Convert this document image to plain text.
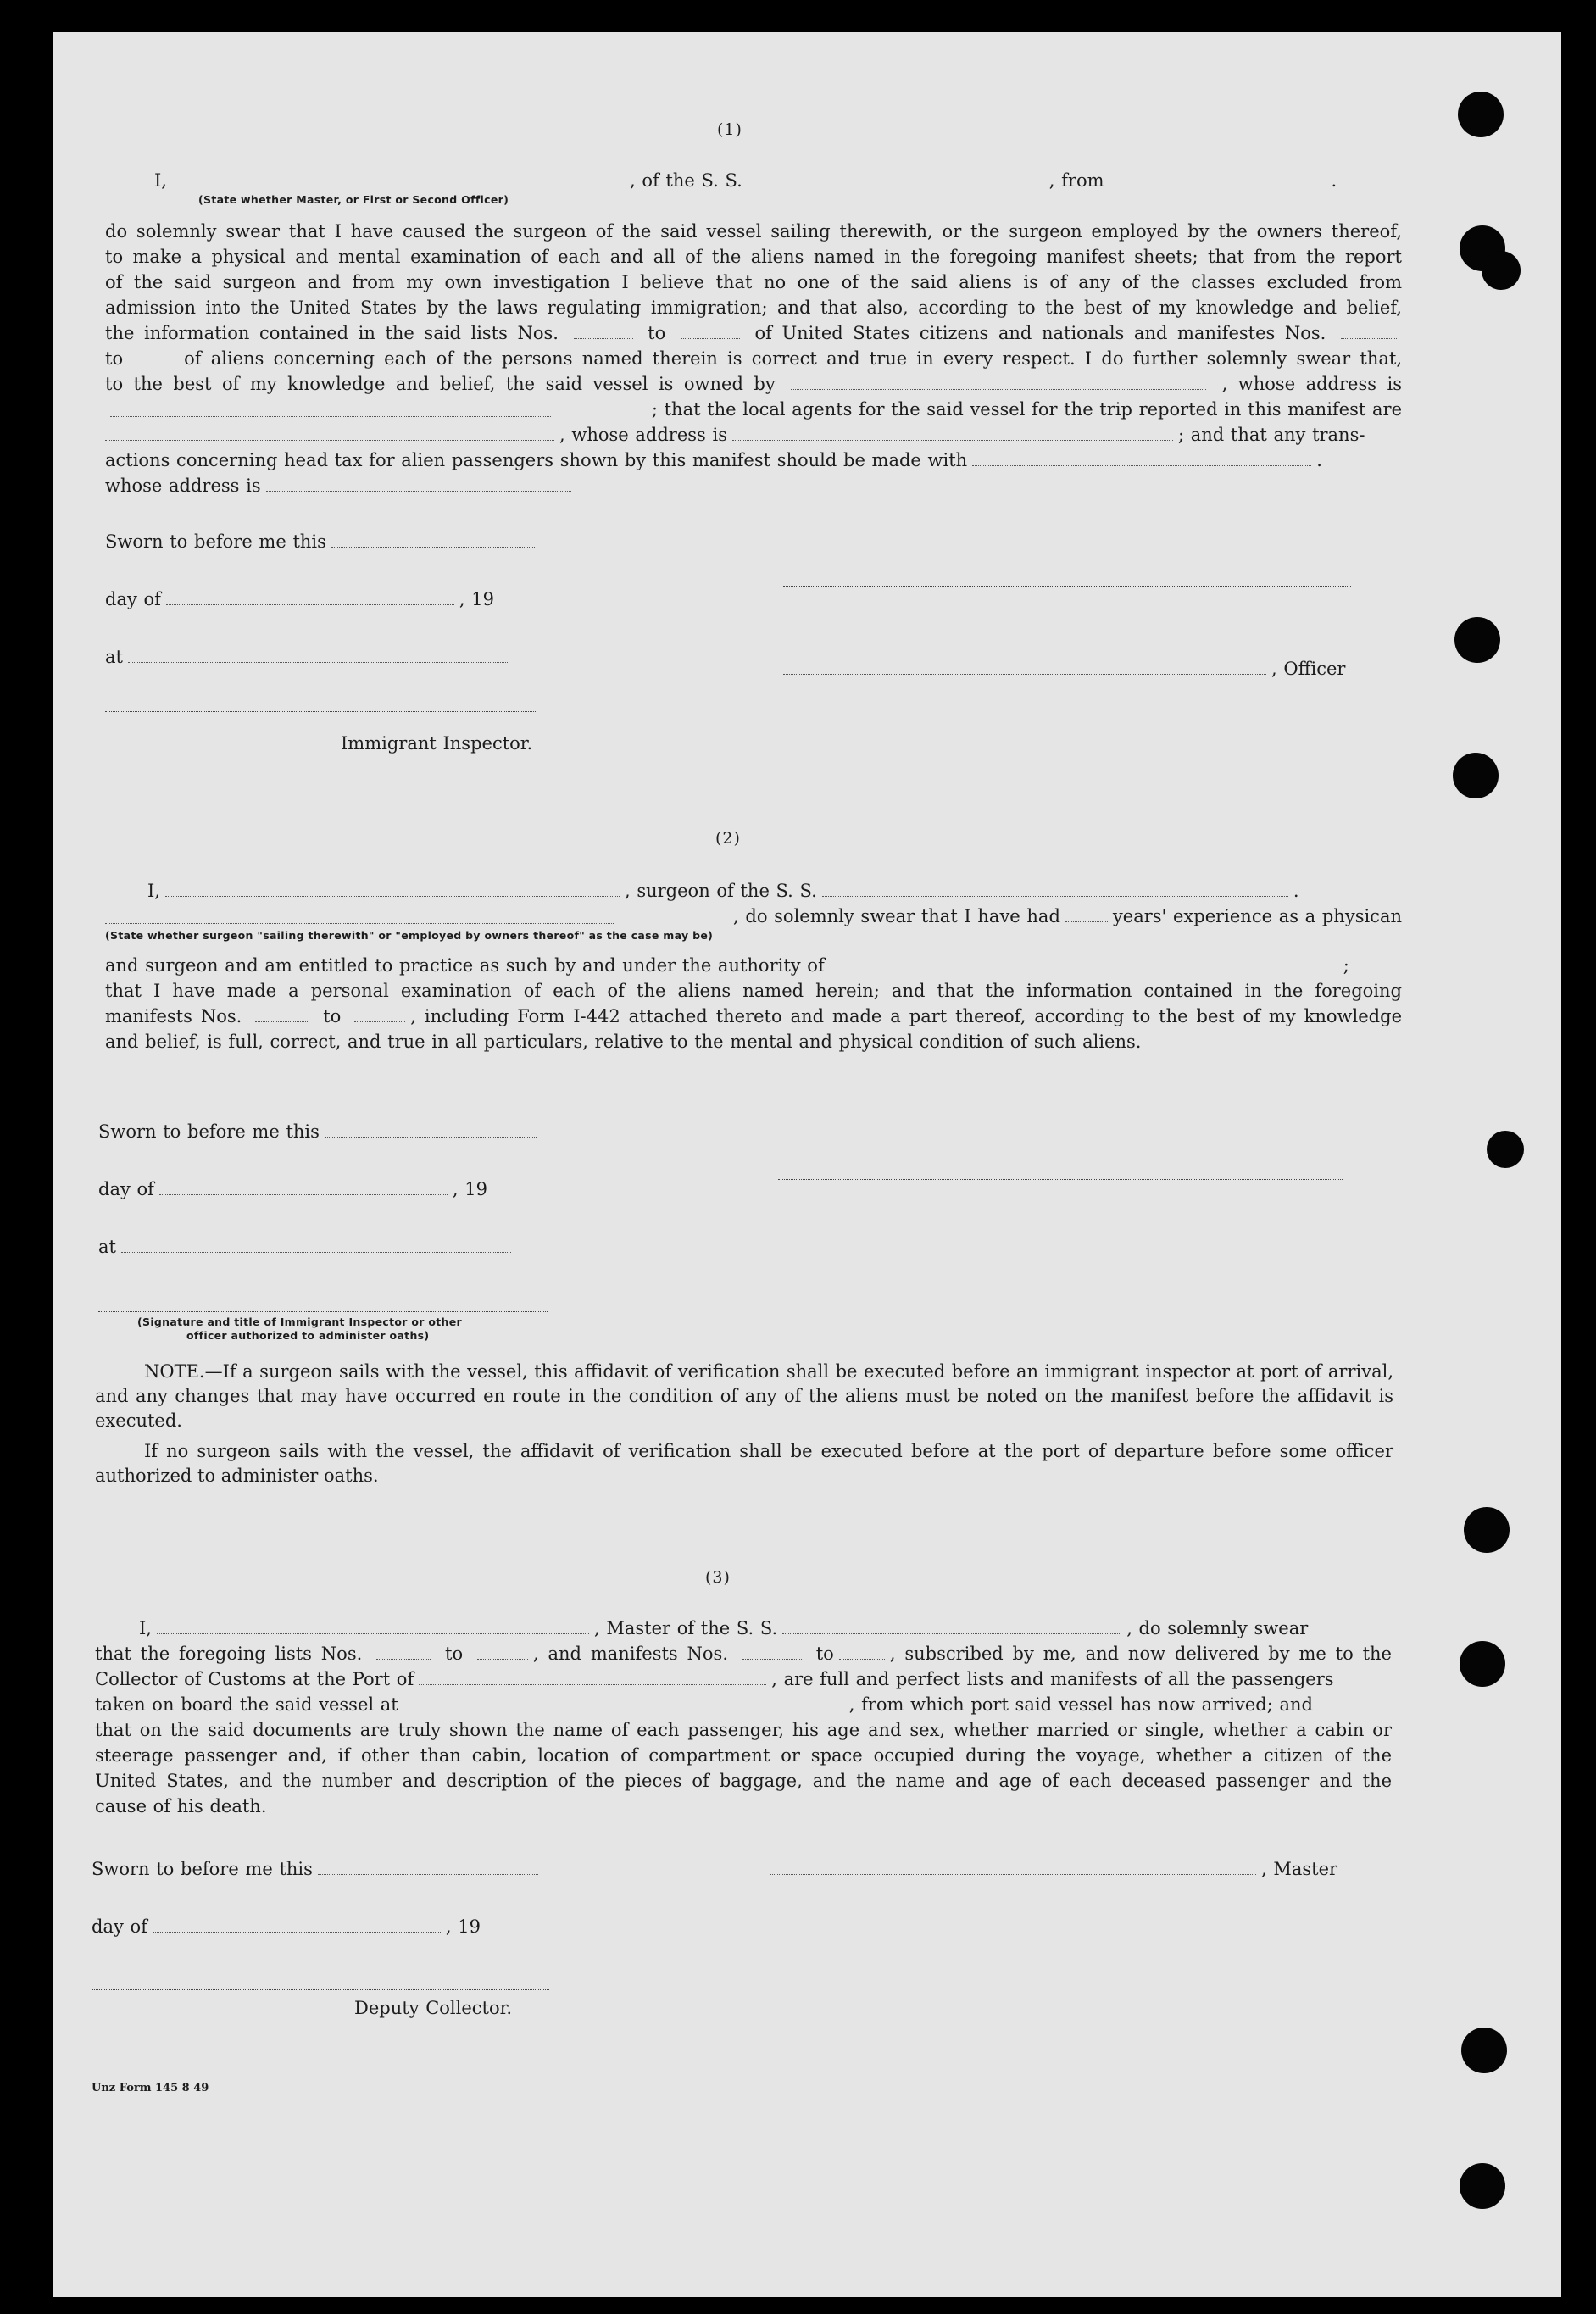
(1)
I,	, of the S. S.	, from	.
(State whether Master, or First or Second Officer)
do solemnly swear that I have caused the surgeon of the said vessel sailing therewith, or the surgeon employed by the owners thereof,
to make a physical and mental examination of each and all of the aliens named in the foregoing manifest sheets; that from the report
of the said surgeon and from my own investigation I believe that no one of the said aliens is of any of the classes excluded from
admission into the United States by the laws regulating immigration; and that also, according to the best of my knowledge and belief,
the information contained in the said lists Nos.	to	of United States citizens and nationals and manifestes Nos.
to	of aliens concerning each of the persons named therein is correct and true in every respect. I do further solemnly swear that,
to the best of my knowledge and belief, the said vessel is owned by	, whose address is
; that the local agents for the said vessel for the trip reported in this manifest are
, whose address is	; and that any trans-
actions concerning head tax for alien passengers shown by this manifest should be made with	.
whose address is
Sworn to before me this
day of	, 19
at
, Officer
Immigrant Inspector.
(2)
I,	, surgeon of the S. S.	.
, do solemnly swear that I have had	years' experience as a physican
(State whether surgeon "sailing therewith" or "employed by owners thereof" as the case may be)
and surgeon and am entitled to practice as such by and under the authority of	;
that I have made a personal examination of each of the aliens named herein; and that the information contained in the foregoing
manifests Nos.	to	, including Form I-442 attached thereto and made a part thereof, according to the best of my knowledge
and belief, is full, correct, and true in all particulars, relative to the mental and physical condition of such aliens.
Sworn to before me this
day of	, 19
at
(Signature and title of Immigrant Inspector or other
officer authorized to administer oaths)
NOTE.—If a surgeon sails with the vessel, this affidavit of verification shall be executed before an immigrant inspector at port of arrival, and any changes that may have occurred en route in the condition of any of the aliens must be noted on the manifest before the affidavit is executed.
If no surgeon sails with the vessel, the affidavit of verification shall be executed before at the port of departure before some officer authorized to administer oaths.
(3)
I,	, Master of the S. S.	, do solemnly swear
that the foregoing lists Nos.	to	, and manifests Nos.	to	, subscribed by me, and now delivered by me to the
Collector of Customs at the Port of	, are full and perfect lists and manifests of all the passengers
taken on board the said vessel at	, from which port said vessel has now arrived; and
that on the said documents are truly shown the name of each passenger, his age and sex, whether married or single, whether a cabin or
steerage passenger and, if other than cabin, location of compartment or space occupied during the voyage, whether a citizen of the
United States, and the number and description of the pieces of baggage, and the name and age of each deceased passenger and the
cause of his death.
Sworn to before me this	, Master
day of	, 19
Deputy Collector.
Unz Form 145 8 49
